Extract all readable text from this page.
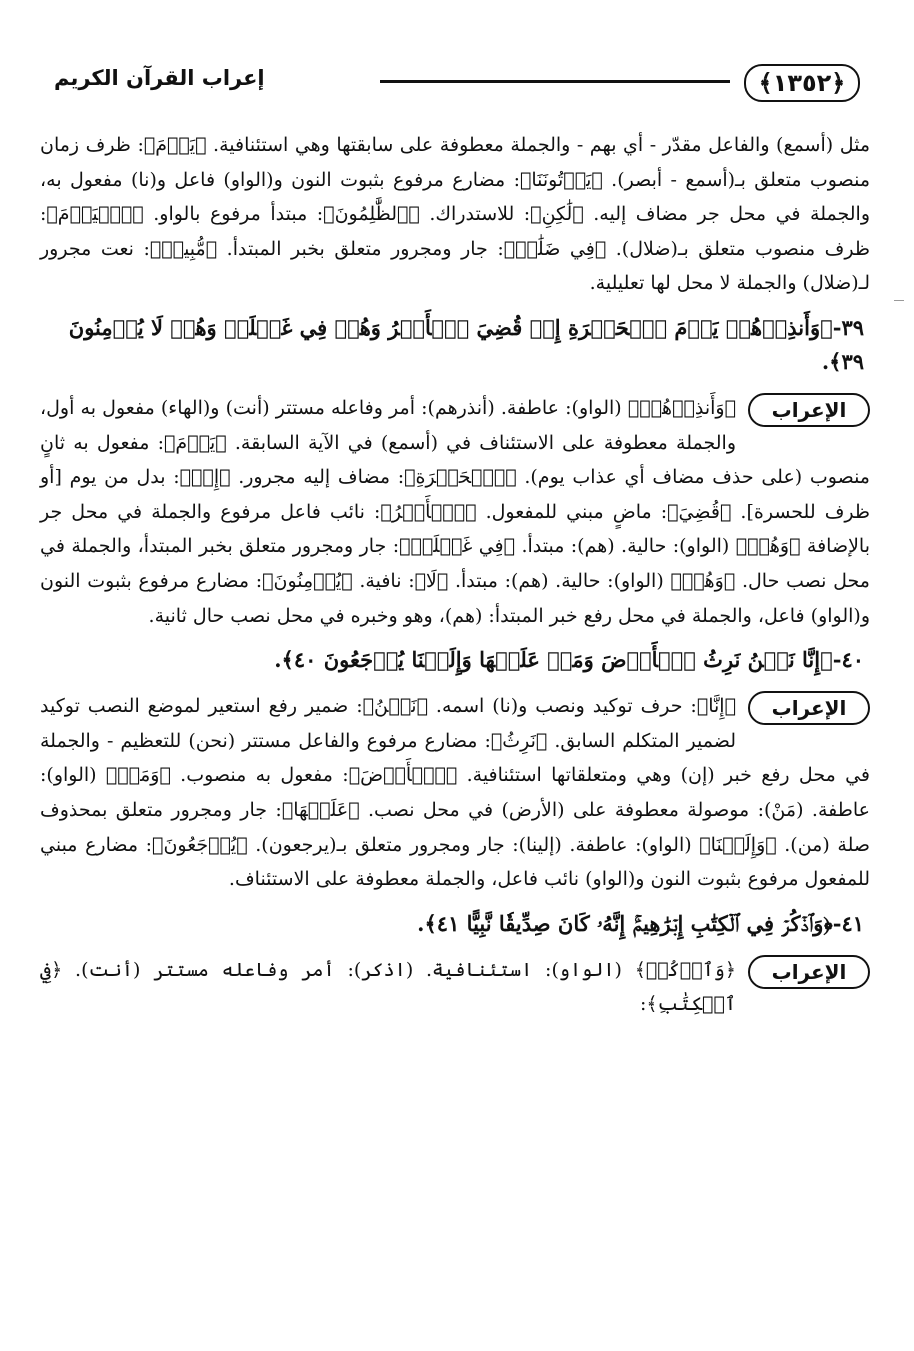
﴿١٣٥٢﴾
إعراب القرآن الكريم

مثل (أسمع) والفاعل مقدّر - أي بهم - والجملة معطوفة على سابقتها وهي استئنافية. ﴿يَوۡمَ﴾: ظرف زمان منصوب متعلق بـ(أسمع - أبصر). ﴿يَأۡتُونَنَا﴾: مضارع مرفوع بثبوت النون و(الواو) فاعل و(نا) مفعول به، والجملة في محل جر مضاف إليه. ﴿لَٰكِنِ﴾: للاستدراك. ﴿ٱلظَّٰلِمُونَ﴾: مبتدأ مرفوع بالواو. ﴿ٱلۡيَوۡمَ﴾: ظرف منصوب متعلق بـ(ضلال). ﴿فِي ضَلَٰلٖ﴾: جار ومجرور متعلق بخبر المبتدأ. ﴿مُّبِينٖ﴾: نعت مجرور لـ(ضلال) والجملة لا محل لها تعليلية.

٣٩-﴿وَأَنذِرۡهُمۡ يَوۡمَ ٱلۡحَسۡرَةِ إِذۡ قُضِيَ ٱلۡأَمۡرُ وَهُمۡ فِي غَفۡلَةٖ وَهُمۡ لَا يُؤۡمِنُونَ ٣٩﴾.

الإعراب

﴿وَأَنذِرۡهُمۡ﴾ (الواو): عاطفة. (أنذرهم): أمر وفاعله مستتر (أنت) و(الهاء) مفعول به أول، والجملة معطوفة على الاستئناف في (أسمع) في الآية السابقة. ﴿يَوۡمَ﴾: مفعول به ثانٍ منصوب (على حذف مضاف أي عذاب يوم). ﴿ٱلۡحَسۡرَةِ﴾: مضاف إليه مجرور. ﴿إِذۡ﴾: بدل من يوم [أو ظرف للحسرة]. ﴿قُضِيَ﴾: ماضٍ مبني للمفعول. ﴿ٱلۡأَمۡرُ﴾: نائب فاعل مرفوع والجملة في محل جر بالإضافة ﴿وَهُمۡ﴾ (الواو): حالية. (هم): مبتدأ. ﴿فِي غَفۡلَةٖ﴾: جار ومجرور متعلق بخبر المبتدأ، والجملة في محل نصب حال. ﴿وَهُمۡ﴾ (الواو): حالية. (هم): مبتدأ. ﴿لَا﴾: نافية. ﴿يُؤۡمِنُونَ﴾: مضارع مرفوع بثبوت النون و(الواو) فاعل، والجملة في محل رفع خبر المبتدأ: (هم)، وهو وخبره في محل نصب حال ثانية.

٤٠-﴿إِنَّا نَحۡنُ نَرِثُ ٱلۡأَرۡضَ وَمَنۡ عَلَيۡهَا وَإِلَيۡنَا يُرۡجَعُونَ ٤٠﴾.

الإعراب

﴿إِنَّا﴾: حرف توكيد ونصب و(نا) اسمه. ﴿نَحۡنُ﴾: ضمير رفع استعير لموضع النصب توكيد لضمير المتكلم السابق. ﴿نَرِثُ﴾: مضارع مرفوع والفاعل مستتر (نحن) للتعظيم - والجملة في محل رفع خبر (إن) وهي ومتعلقاتها استئنافية. ﴿ٱلۡأَرۡضَ﴾: مفعول به منصوب. ﴿وَمَنۡ﴾ (الواو): عاطفة. (مَنْ): موصولة معطوفة على (الأرض) في محل نصب. ﴿عَلَيۡهَا﴾: جار ومجرور متعلق بمحذوف صلة (من). ﴿وَإِلَيۡنَا﴾ (الواو): عاطفة. (إلينا): جار ومجرور متعلق بـ(يرجعون). ﴿يُرۡجَعُونَ﴾: مضارع مبني للمفعول مرفوع بثبوت النون و(الواو) نائب فاعل، والجملة معطوفة على الاستئناف.

٤١-﴿وَٱذۡكُرۡ فِي ٱلۡكِتَٰبِ إِبۡرَٰهِيمَۚ إِنَّهُۥ كَانَ صِدِّيقٗا نَّبِيًّا ٤١﴾.

الإعراب

﴿وَٱذۡكُرۡ﴾ (الواو): استئنافية. (اذكر): أمر وفاعله مستتر (أنت). ﴿فِي ٱلۡكِتَٰبِ﴾:
